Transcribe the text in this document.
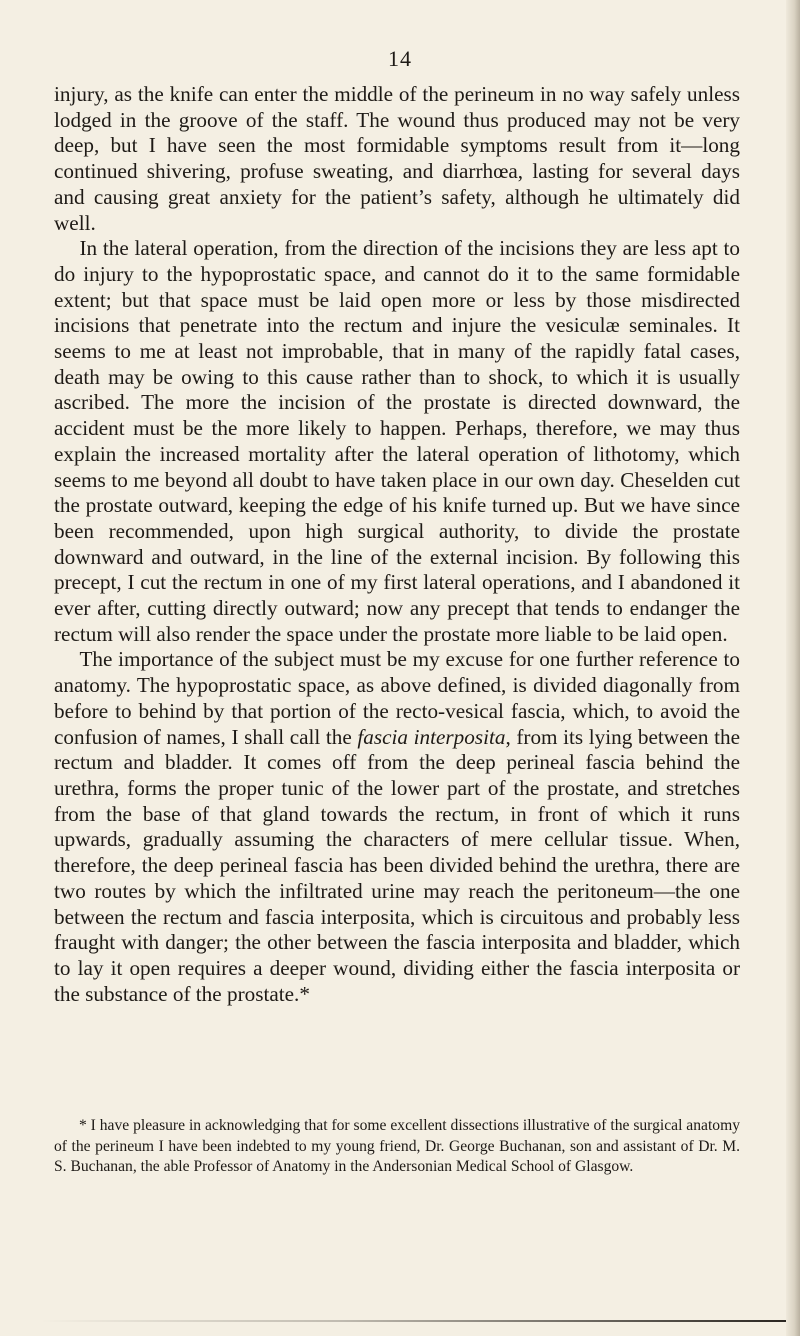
14

injury, as the knife can enter the middle of the perineum in no way safely unless lodged in the groove of the staff. The wound thus produced may not be very deep, but I have seen the most formidable symptoms result from it—long continued shivering, profuse sweating, and diarrhœa, lasting for several days and causing great anxiety for the patient’s safety, although he ultimately did well.

In the lateral operation, from the direction of the incisions they are less apt to do injury to the hypoprostatic space, and cannot do it to the same formidable extent; but that space must be laid open more or less by those misdirected incisions that penetrate into the rectum and injure the vesiculæ seminales. It seems to me at least not improbable, that in many of the rapidly fatal cases, death may be owing to this cause rather than to shock, to which it is usually ascribed. The more the incision of the prostate is directed downward, the accident must be the more likely to happen. Perhaps, therefore, we may thus explain the increased mortality after the lateral operation of lithotomy, which seems to me beyond all doubt to have taken place in our own day. Cheselden cut the prostate outward, keeping the edge of his knife turned up. But we have since been recommended, upon high surgical authority, to divide the prostate downward and outward, in the line of the external incision. By following this precept, I cut the rectum in one of my first lateral operations, and I abandoned it ever after, cutting directly outward; now any precept that tends to endanger the rectum will also render the space under the prostate more liable to be laid open.

The importance of the subject must be my excuse for one further reference to anatomy. The hypoprostatic space, as above defined, is divided diagonally from before to behind by that portion of the recto-vesical fascia, which, to avoid the confusion of names, I shall call the fascia interposita, from its lying between the rectum and bladder. It comes off from the deep perineal fascia behind the urethra, forms the proper tunic of the lower part of the prostate, and stretches from the base of that gland towards the rectum, in front of which it runs upwards, gradually assuming the characters of mere cellular tissue. When, therefore, the deep perineal fascia has been divided behind the urethra, there are two routes by which the infiltrated urine may reach the peritoneum—the one between the rectum and fascia interposita, which is circuitous and probably less fraught with danger; the other between the fascia interposita and bladder, which to lay it open requires a deeper wound, dividing either the fascia interposita or the substance of the prostate.*

* I have pleasure in acknowledging that for some excellent dissections illustrative of the surgical anatomy of the perineum I have been indebted to my young friend, Dr. George Buchanan, son and assistant of Dr. M. S. Buchanan, the able Professor of Anatomy in the Andersonian Medical School of Glasgow.
